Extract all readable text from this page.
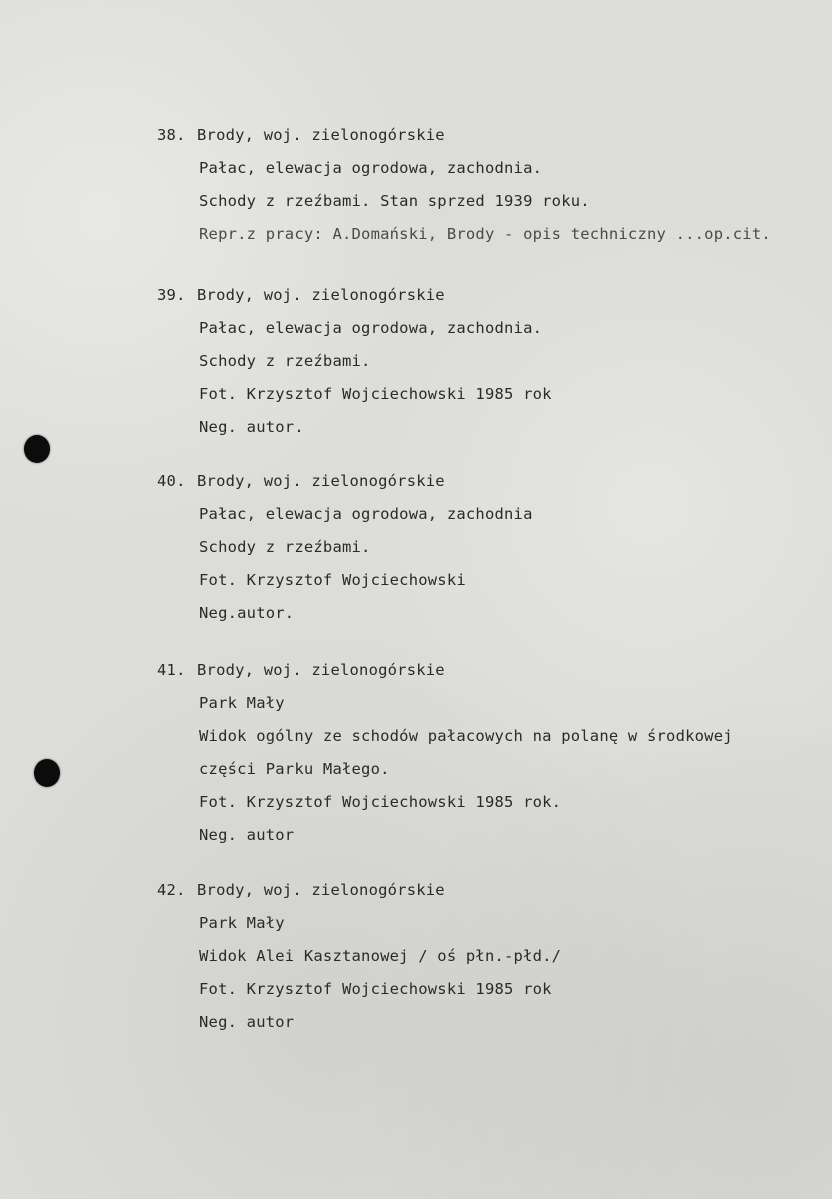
38. Brody, woj. zielonogórskie
Pałac, elewacja ogrodowa, zachodnia.
Schody z rzeźbami. Stan sprzed 1939 roku.
Repr.z pracy: A.Domański, Brody - opis techniczny ...op.cit.
39. Brody, woj. zielonogórskie
Pałac, elewacja ogrodowa, zachodnia.
Schody z rzeźbami.
Fot. Krzysztof Wojciechowski 1985 rok
Neg. autor.
40. Brody, woj. zielonogórskie
Pałac, elewacja ogrodowa, zachodnia
Schody z rzeźbami.
Fot. Krzysztof Wojciechowski
Neg.autor.
41. Brody, woj. zielonogórskie
Park Mały
Widok ogólny ze schodów pałacowych na polanę w środkowej
części Parku Małego.
Fot. Krzysztof Wojciechowski 1985 rok.
Neg. autor
42. Brody, woj. zielonogórskie
Park Mały
Widok Alei Kasztanowej / oś płn.-płd./
Fot. Krzysztof Wojciechowski 1985 rok
Neg. autor
